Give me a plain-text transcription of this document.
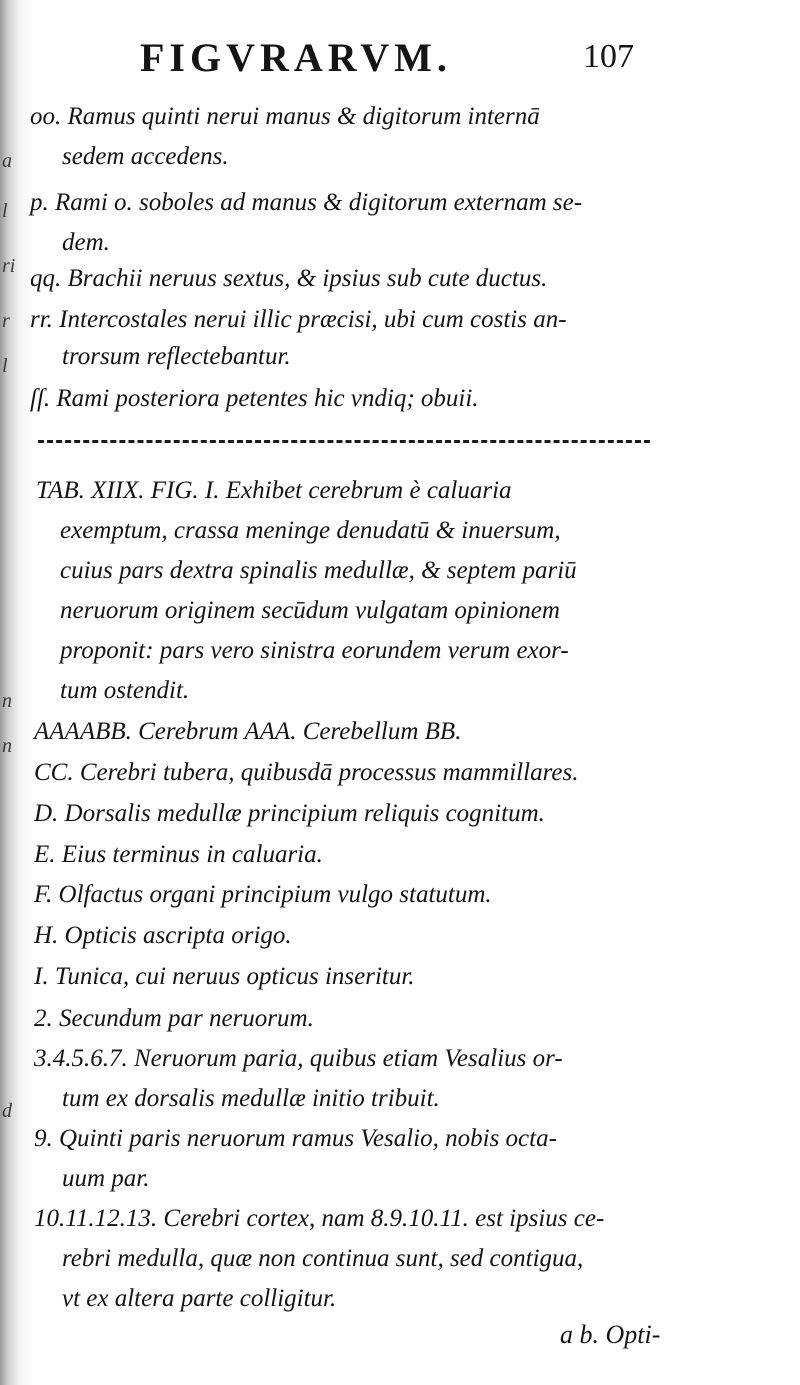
a
l
ri
r
l
n
n
d
FIGVRARVM.	107
oo. Ramus quinti nerui manus & digitorum internā
sedem accedens.
p. Rami o. soboles ad manus & digitorum externam se-
dem.
qq. Brachii neruus sextus, & ipsius sub cute ductus.
rr. Intercostales nerui illic præcisi, ubi cum costis an-
trorsum reflectebantur.
ſſ. Rami posteriora petentes hic vndiq; obuii.
TAB. XIIX. FIG. I. Exhibet cerebrum è caluaria
exemptum, crassa meninge denudatū & inuersum,
cuius pars dextra spinalis medullæ, & septem pariū
neruorum originem secūdum vulgatam opinionem
proponit: pars vero sinistra eorundem verum exor-
tum ostendit.
AAAABB. Cerebrum AAA. Cerebellum BB.
CC. Cerebri tubera, quibusdā processus mammillares.
D. Dorsalis medullæ principium reliquis cognitum.
E. Eius terminus in caluaria.
F. Olfactus organi principium vulgo statutum.
H. Opticis ascripta origo.
I. Tunica, cui neruus opticus inseritur.
2. Secundum par neruorum.
3.4.5.6.7. Neruorum paria, quibus etiam Vesalius or-
tum ex dorsalis medullæ initio tribuit.
9. Quinti paris neruorum ramus Vesalio, nobis octa-
uum par.
10.11.12.13. Cerebri cortex, nam 8.9.10.11. est ipsius ce-
rebri medulla, quæ non continua sunt, sed contigua,
vt ex altera parte colligitur.
a b. Opti-
